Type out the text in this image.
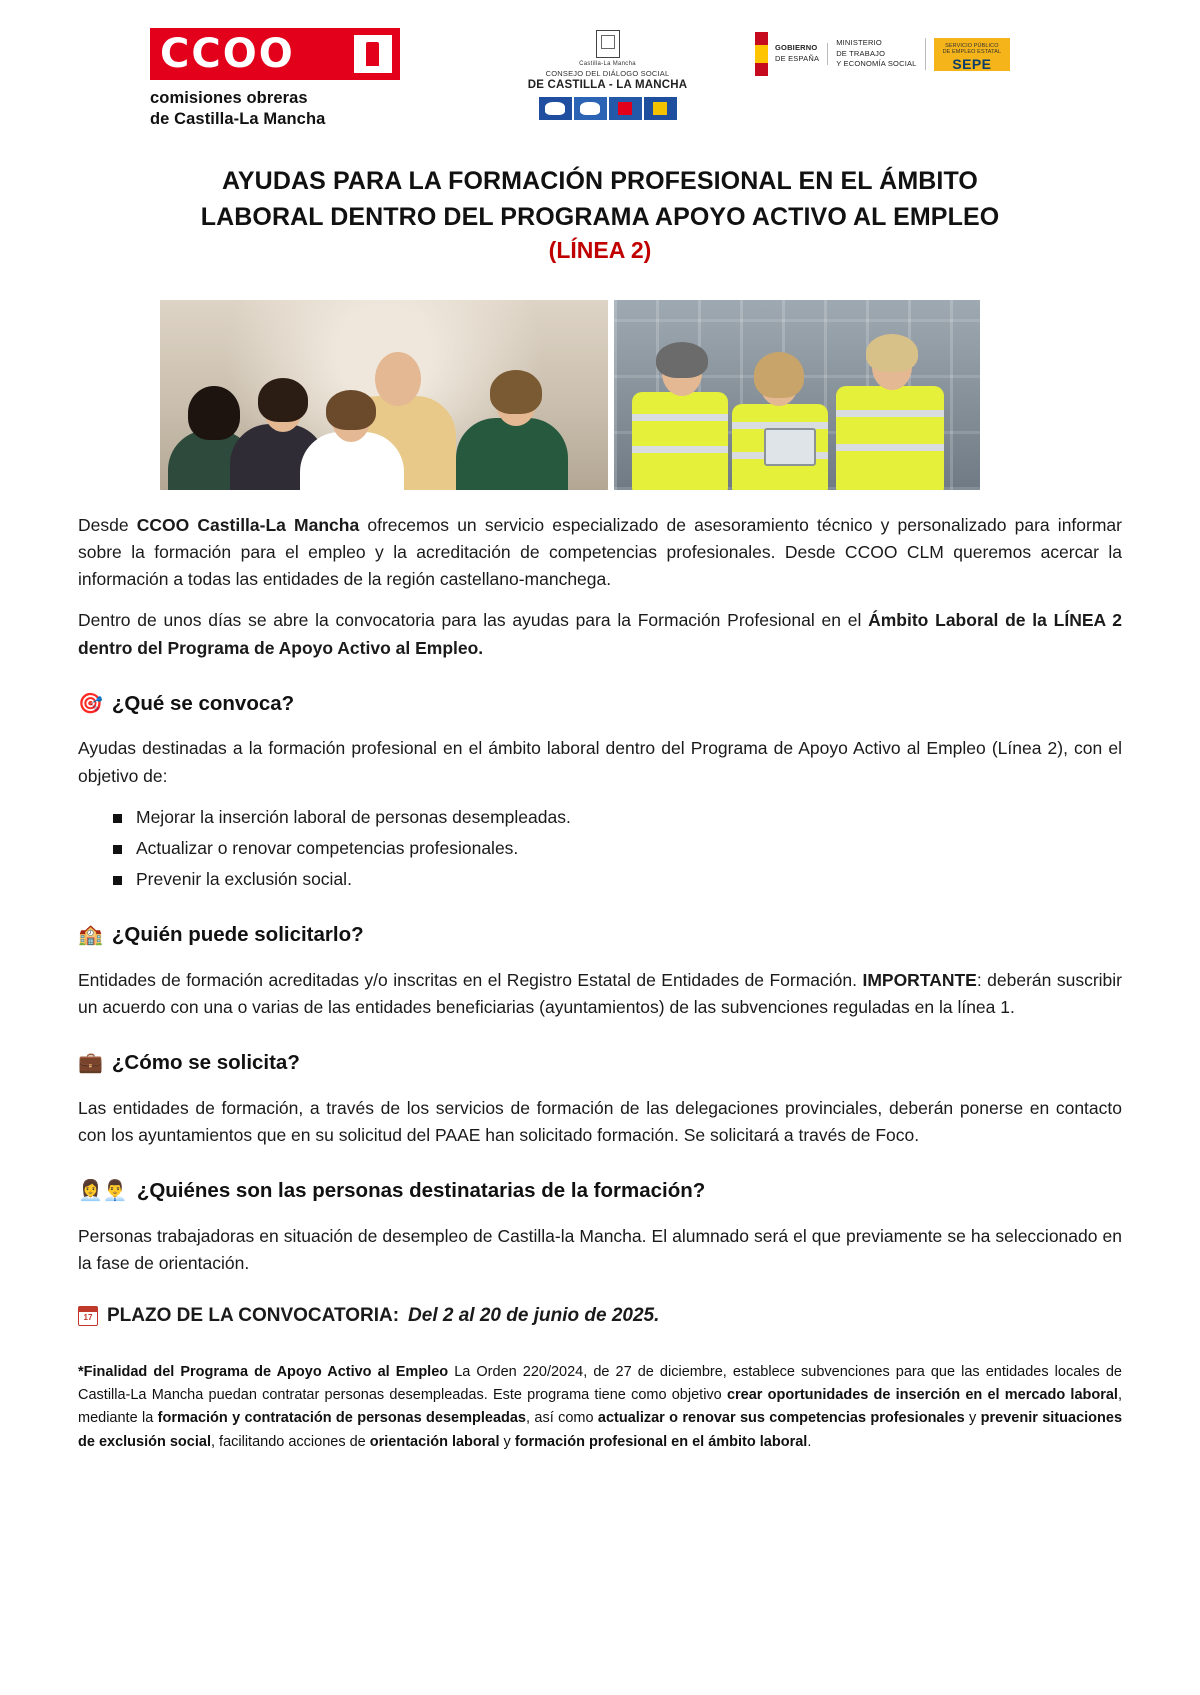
CCOO
comisiones obreras
de Castilla-La Mancha
Castilla-La Mancha
CONSEJO DEL DIÁLOGO SOCIAL
DE CASTILLA - LA MANCHA
GOBIERNO
DE ESPAÑA
MINISTERIO
DE TRABAJO
Y ECONOMÍA SOCIAL
SERVICIO PÚBLICO
DE EMPLEO ESTATAL
SEPE
AYUDAS PARA LA FORMACIÓN PROFESIONAL EN EL ÁMBITO
LABORAL DENTRO DEL PROGRAMA APOYO ACTIVO AL EMPLEO
(LÍNEA 2)

Desde CCOO Castilla-La Mancha ofrecemos un servicio especializado de asesoramiento técnico y personalizado para informar sobre la formación para el empleo y la acreditación de competencias profesionales. Desde CCOO CLM queremos acercar la información a todas las entidades de la región castellano-manchega.

Dentro de unos días se abre la convocatoria para las ayudas para la Formación Profesional en el Ámbito Laboral de la LÍNEA 2 dentro del Programa de Apoyo Activo al Empleo.

🎯 ¿Qué se convoca?

Ayudas destinadas a la formación profesional en el ámbito laboral dentro del Programa de Apoyo Activo al Empleo (Línea 2), con el objetivo de:

Mejorar la inserción laboral de personas desempleadas.
Actualizar o renovar competencias profesionales.
Prevenir la exclusión social.
🏫 ¿Quién puede solicitarlo?

Entidades de formación acreditadas y/o inscritas en el Registro Estatal de Entidades de Formación. IMPORTANTE: deberán suscribir un acuerdo con una o varias de las entidades beneficiarias (ayuntamientos) de las subvenciones reguladas en la línea 1.

💼 ¿Cómo se solicita?

Las entidades de formación, a través de los servicios de formación de las delegaciones provinciales, deberán ponerse en contacto con los ayuntamientos que en su solicitud del PAAE han solicitado formación. Se solicitará a través de Foco.

👩‍💼👨‍💼 ¿Quiénes son las personas destinatarias de la formación?

Personas trabajadoras en situación de desempleo de Castilla-la Mancha. El alumnado será el que previamente se ha seleccionado en la fase de orientación.

17
PLAZO DE LA CONVOCATORIA: Del 2 al 20 de junio de 2025.
*Finalidad del Programa de Apoyo Activo al Empleo La Orden 220/2024, de 27 de diciembre, establece subvenciones para que las entidades locales de Castilla-La Mancha puedan contratar personas desempleadas. Este programa tiene como objetivo crear oportunidades de inserción en el mercado laboral, mediante la formación y contratación de personas desempleadas, así como actualizar o renovar sus competencias profesionales y prevenir situaciones de exclusión social, facilitando acciones de orientación laboral y formación profesional en el ámbito laboral.
